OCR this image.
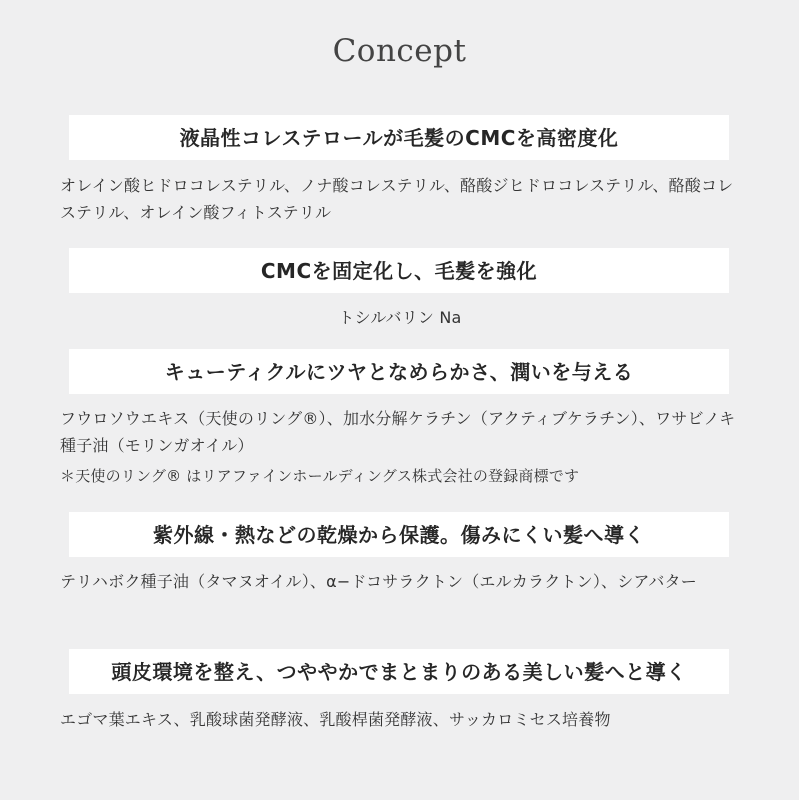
Concept
液晶性コレステロールが毛髪のCMCを高密度化
オレイン酸ヒドロコレステリル、ノナ酸コレステリル、酪酸ジヒドロコレステリル、酪酸コレステリル、オレイン酸フィトステリル
CMCを固定化し、毛髪を強化
トシルバリン Na
キューティクルにツヤとなめらかさ、潤いを与える
フウロソウエキス（天使のリング®）、加水分解ケラチン（アクティブケラチン）、ワサビノキ種子油（モリンガオイル）
＊天使のリング® はリアファインホールディングス株式会社の登録商標です
紫外線・熱などの乾燥から保護。傷みにくい髪へ導く
テリハボク種子油（タマヌオイル）、α−ドコサラクトン（エルカラクトン）、シアバター
頭皮環境を整え、つややかでまとまりのある美しい髪へと導く
エゴマ葉エキス、乳酸球菌発酵液、乳酸桿菌発酵液、サッカロミセス培養物
